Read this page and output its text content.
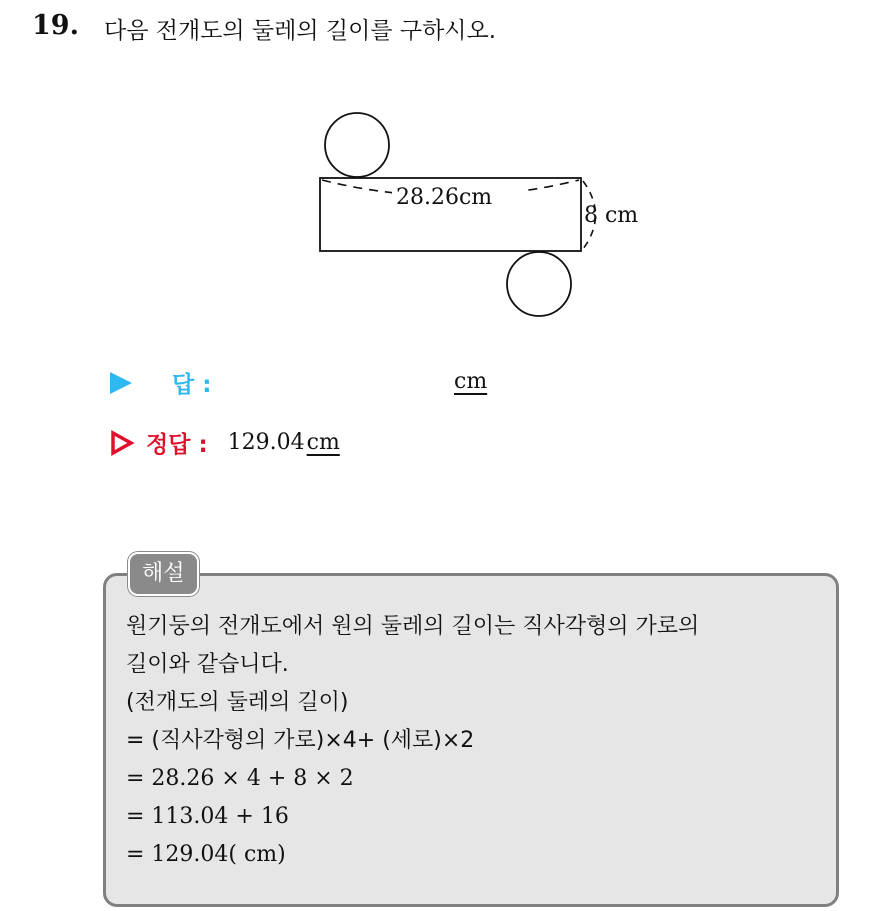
19. 다음 전개도의 둘레의 길이를 구하시오.
28.26cm
8 cm
답 :	cm
정답 : 129.04cm
해설
원기둥의 전개도에서 원의 둘레의 길이는 직사각형의 가로의
길이와 같습니다.
(전개도의 둘레의 길이)
= (직사각형의 가로)×4+ (세로)×2
= 28.26 × 4 + 8 × 2
= 113.04 + 16
= 129.04( cm)
